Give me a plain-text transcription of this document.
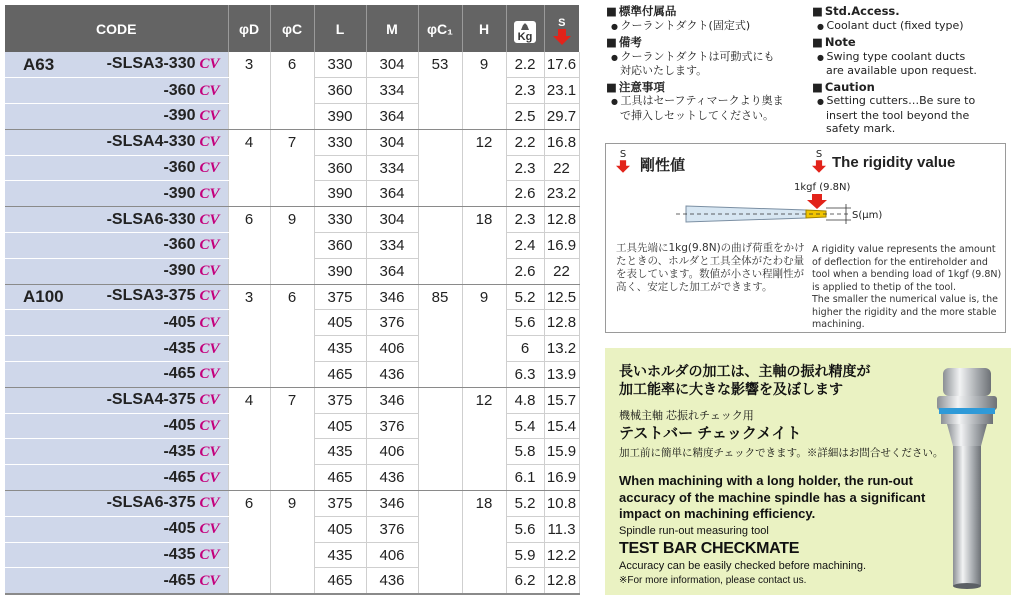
CODE	φD	φC	L	M	φC₁	H	Kg	S

A63 -SLSA3-330 CV	3	6	330	304	53	9	2.2	17.6
-360 CV			360	334			2.3	23.1
-390 CV			390	364			2.5	29.7
-SLSA4-330 CV	4	7	330	304		12	2.2	16.8
-360 CV			360	334			2.3	22
-390 CV			390	364			2.6	23.2
-SLSA6-330 CV	6	9	330	304		18	2.3	12.8
-360 CV			360	334			2.4	16.9
-390 CV			390	364			2.6	22

A100 -SLSA3-375 CV	3	6	375	346	85	9	5.2	12.5
-405 CV			405	376			5.6	12.8
-435 CV			435	406			6	13.2
-465 CV			465	436			6.3	13.9
-SLSA4-375 CV	4	7	375	346		12	4.8	15.7
-405 CV			405	376			5.4	15.4
-435 CV			435	406			5.8	15.9
-465 CV			465	436			6.1	16.9
-SLSA6-375 CV	6	9	375	346		18	5.2	10.8
-405 CV			405	376			5.6	11.3
-435 CV			435	406			5.9	12.2
-465 CV			465	436			6.2	12.8
■ 標準付属品
● クーラントダクト(固定式)
■ 備考
● クーラントダクトは可動式にも対応いたします。
■ 注意事項
● 工具はセーフティマークより奥まで挿入しセットしてください。
■ Std.Access.
● Coolant duct (fixed type)
■ Note
● Swing type coolant ducts are available upon request.
■ Caution
● Setting cutters…Be sure to insert the tool beyond the safety mark.
S
剛性値
S The rigidity value
1kgf (9.8N)
S(μm)
工具先端に1kg(9.8N)の曲げ荷重をかけたときの、ホルダと工具全体がたわむ量を表しています。数値が小さい程剛性が高く、安定した加工ができます。
A rigidity value represents the amount of deflection for the entireholder and tool when a bending load of 1kgf (9.8N) is applied to thetip of the tool.
The smaller the numerical value is, the higher the rigidity and the more stable machining.
長いホルダの加工は、主軸の振れ精度が
加工能率に大きな影響を及ぼします
機械主軸 芯振れチェック用
テストバー チェックメイト
加工前に簡単に精度チェックできます。※詳細はお問合せください。
When machining with a long holder, the run-out
accuracy of the machine spindle has a significant
impact on machining efficiency.
Spindle run-out measuring tool
TEST BAR CHECKMATE
Accuracy can be easily checked before machining.
※For more information, please contact us.
